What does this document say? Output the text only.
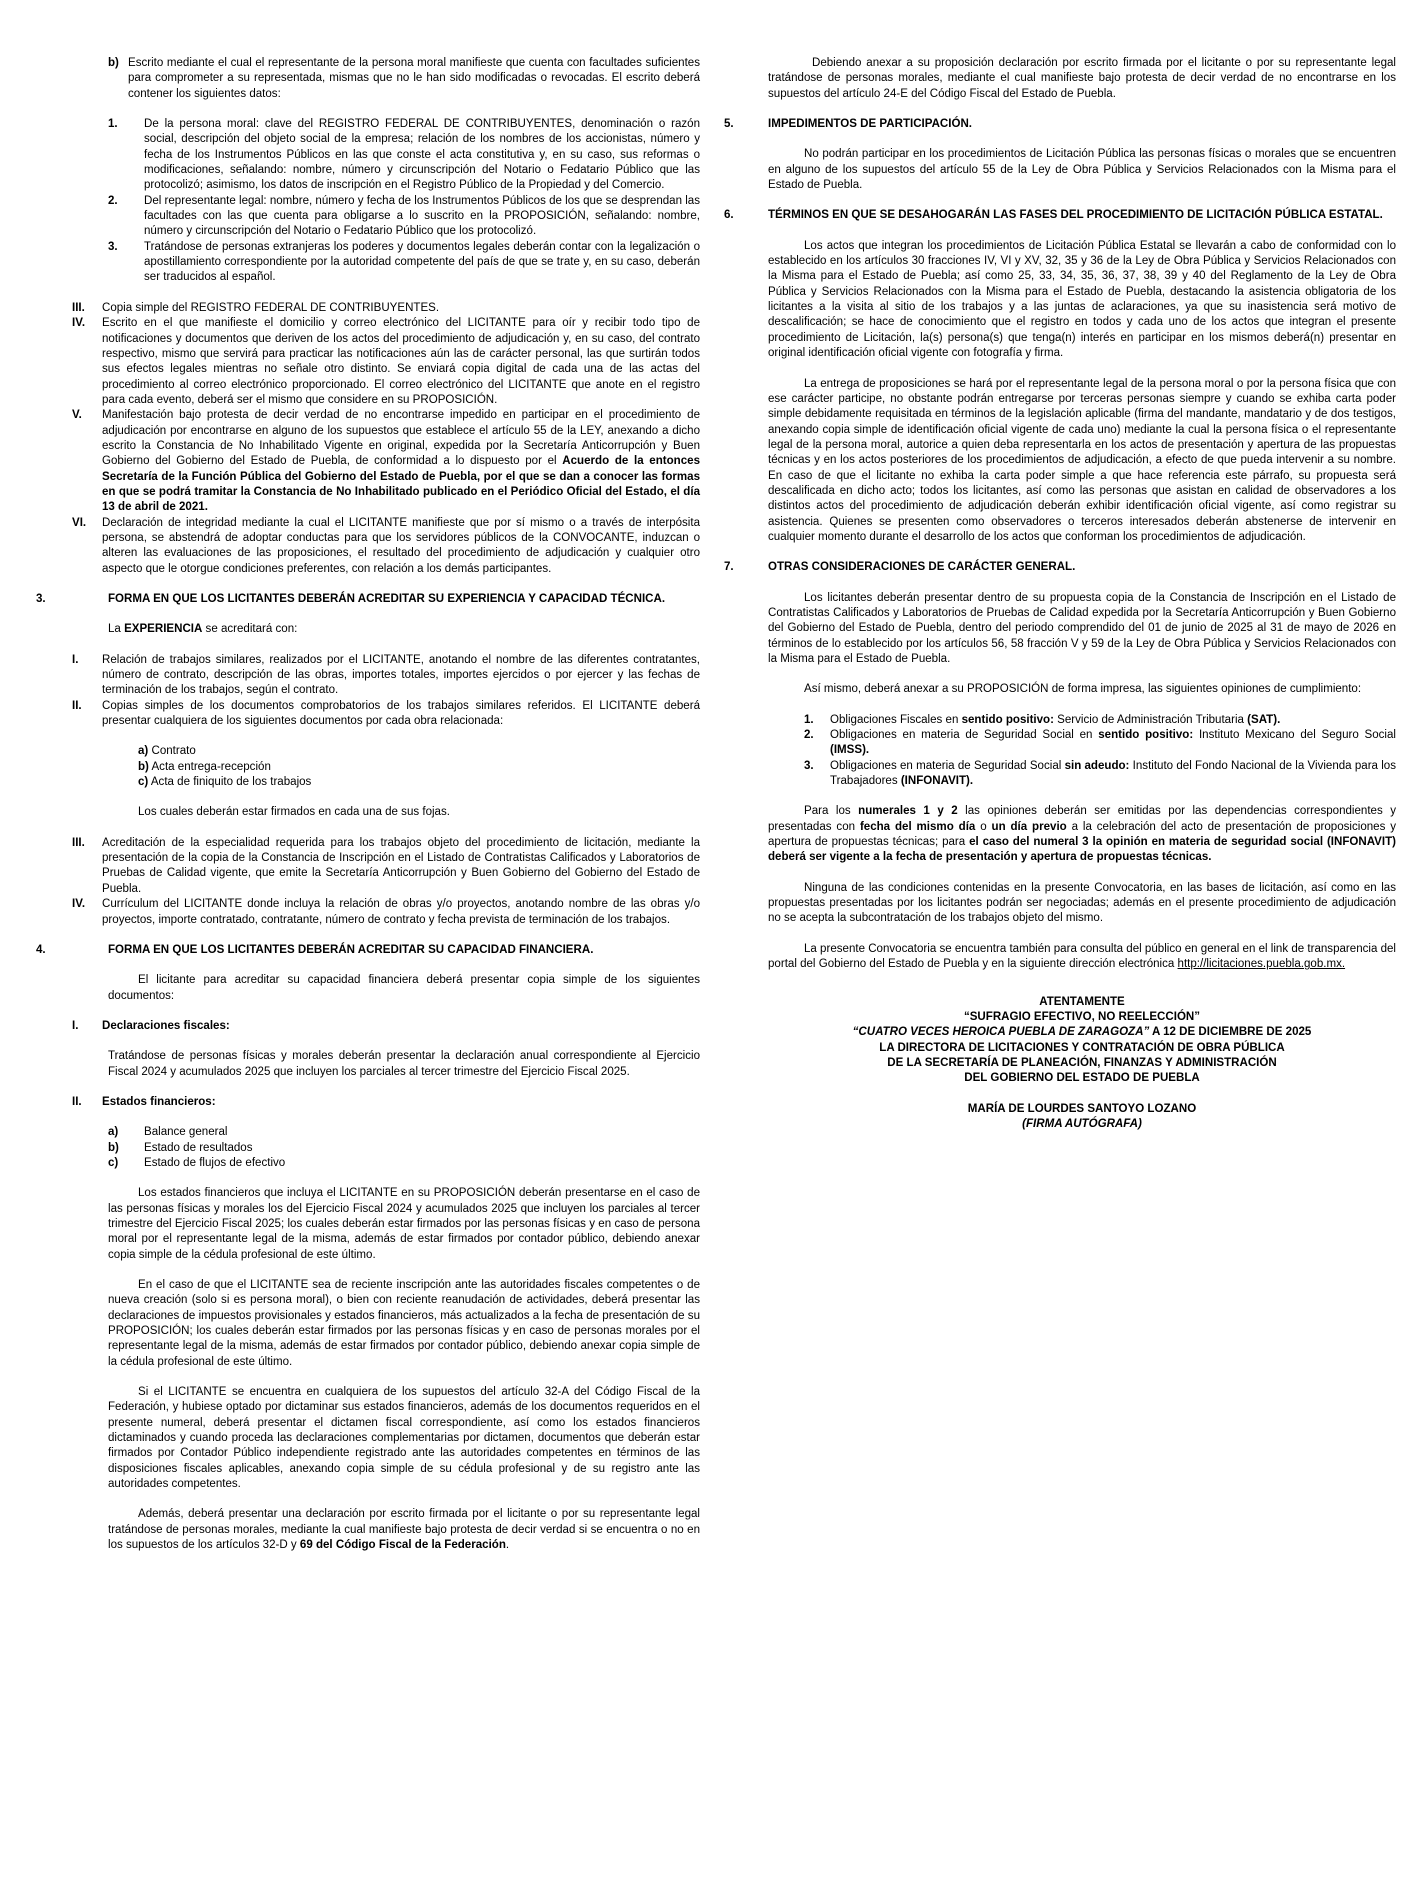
b) Escrito mediante el cual el representante de la persona moral manifieste que cuenta con facultades suficientes para comprometer a su representada, mismas que no le han sido modificadas o revocadas. El escrito deberá contener los siguientes datos:
1.	De la persona moral: clave del REGISTRO FEDERAL DE CONTRIBUYENTES, denominación o razón social, descripción del objeto social de la empresa; relación de los nombres de los accionistas, número y fecha de los Instrumentos Públicos en las que conste el acta constitutiva y, en su caso, sus reformas o modificaciones, señalando: nombre, número y circunscripción del Notario o Fedatario Público que las protocolizó; asimismo, los datos de inscripción en el Registro Público de la Propiedad y del Comercio.
2.	Del representante legal: nombre, número y fecha de los Instrumentos Públicos de los que se desprendan las facultades con las que cuenta para obligarse a lo suscrito en la PROPOSICIÓN, señalando: nombre, número y circunscripción del Notario o Fedatario Público que los protocolizó.
3.	Tratándose de personas extranjeras los poderes y documentos legales deberán contar con la legalización o apostillamiento correspondiente por la autoridad competente del país de que se trate y, en su caso, deberán ser traducidos al español.
III.	Copia simple del REGISTRO FEDERAL DE CONTRIBUYENTES.
IV.	Escrito en el que manifieste el domicilio y correo electrónico del LICITANTE para oír y recibir todo tipo de notificaciones y documentos que deriven de los actos del procedimiento de adjudicación y, en su caso, del contrato respectivo, mismo que servirá para practicar las notificaciones aún las de carácter personal, las que surtirán todos sus efectos legales mientras no señale otro distinto. Se enviará copia digital de cada una de las actas del procedimiento al correo electrónico proporcionado. El correo electrónico del LICITANTE que anote en el registro para cada evento, deberá ser el mismo que considere en su PROPOSICIÓN.
V.	Manifestación bajo protesta de decir verdad de no encontrarse impedido en participar en el procedimiento de adjudicación por encontrarse en alguno de los supuestos que establece el artículo 55 de la LEY, anexando a dicho escrito la Constancia de No Inhabilitado Vigente en original, expedida por la Secretaría Anticorrupción y Buen Gobierno del Gobierno del Estado de Puebla, de conformidad a lo dispuesto por el Acuerdo de la entonces Secretaría de la Función Pública del Gobierno del Estado de Puebla, por el que se dan a conocer las formas en que se podrá tramitar la Constancia de No Inhabilitado publicado en el Periódico Oficial del Estado, el día 13 de abril de 2021.
VI.	Declaración de integridad mediante la cual el LICITANTE manifieste que por sí mismo o a través de interpósita persona, se abstendrá de adoptar conductas para que los servidores públicos de la CONVOCANTE, induzcan o alteren las evaluaciones de las proposiciones, el resultado del procedimiento de adjudicación y cualquier otro aspecto que le otorgue condiciones preferentes, con relación a los demás participantes.
3.	FORMA EN QUE LOS LICITANTES DEBERÁN ACREDITAR SU EXPERIENCIA Y CAPACIDAD TÉCNICA.

La EXPERIENCIA se acreditará con:

I.	Relación de trabajos similares, realizados por el LICITANTE, anotando el nombre de las diferentes contratantes, número de contrato, descripción de las obras, importes totales, importes ejercidos o por ejercer y las fechas de terminación de los trabajos, según el contrato.
II.	Copias simples de los documentos comprobatorios de los trabajos similares referidos. El LICITANTE deberá presentar cualquiera de los siguientes documentos por cada obra relacionada:

a) Contrato

b) Acta entrega-recepción

c) Acta de finiquito de los trabajos

Los cuales deberán estar firmados en cada una de sus fojas.

III.	Acreditación de la especialidad requerida para los trabajos objeto del procedimiento de licitación, mediante la presentación de la copia de la Constancia de Inscripción en el Listado de Contratistas Calificados y Laboratorios de Pruebas de Calidad vigente, que emite la Secretaría Anticorrupción y Buen Gobierno del Gobierno del Estado de Puebla.
IV.	Currículum del LICITANTE donde incluya la relación de obras y/o proyectos, anotando nombre de las obras y/o proyectos, importe contratado, contratante, número de contrato y fecha prevista de terminación de los trabajos.
4.	FORMA EN QUE LOS LICITANTES DEBERÁN ACREDITAR SU CAPACIDAD FINANCIERA.

El licitante para acreditar su capacidad financiera deberá presentar copia simple de los siguientes documentos:

I.	Declaraciones fiscales:

Tratándose de personas físicas y morales deberán presentar la declaración anual correspondiente al Ejercicio Fiscal 2024 y acumulados 2025 que incluyen los parciales al tercer trimestre del Ejercicio Fiscal 2025.

II.	Estados financieros:
a)	Balance general
b)	Estado de resultados
c)	Estado de flujos de efectivo

Los estados financieros que incluya el LICITANTE en su PROPOSICIÓN deberán presentarse en el caso de las personas físicas y morales los del Ejercicio Fiscal 2024 y acumulados 2025 que incluyen los parciales al tercer trimestre del Ejercicio Fiscal 2025; los cuales deberán estar firmados por las personas físicas y en caso de persona moral por el representante legal de la misma, además de estar firmados por contador público, debiendo anexar copia simple de la cédula profesional de este último.

En el caso de que el LICITANTE sea de reciente inscripción ante las autoridades fiscales competentes o de nueva creación (solo si es persona moral), o bien con reciente reanudación de actividades, deberá presentar las declaraciones de impuestos provisionales y estados financieros, más actualizados a la fecha de presentación de su PROPOSICIÓN; los cuales deberán estar firmados por las personas físicas y en caso de personas morales por el representante legal de la misma, además de estar firmados por contador público, debiendo anexar copia simple de la cédula profesional de este último.

Si el LICITANTE se encuentra en cualquiera de los supuestos del artículo 32-A del Código Fiscal de la Federación, y hubiese optado por dictaminar sus estados financieros, además de los documentos requeridos en el presente numeral, deberá presentar el dictamen fiscal correspondiente, así como los estados financieros dictaminados y cuando proceda las declaraciones complementarias por dictamen, documentos que deberán estar firmados por Contador Público independiente registrado ante las autoridades competentes en términos de las disposiciones fiscales aplicables, anexando copia simple de su cédula profesional y de su registro ante las autoridades competentes.

Además, deberá presentar una declaración por escrito firmada por el licitante o por su representante legal tratándose de personas morales, mediante la cual manifieste bajo protesta de decir verdad si se encuentra o no en los supuestos de los artículos 32-D y 69 del Código Fiscal de la Federación.

Debiendo anexar a su proposición declaración por escrito firmada por el licitante o por su representante legal tratándose de personas morales, mediante el cual manifieste bajo protesta de decir verdad de no encontrarse en los supuestos del artículo 24-E del Código Fiscal del Estado de Puebla.

5.	IMPEDIMENTOS DE PARTICIPACIÓN.

No podrán participar en los procedimientos de Licitación Pública las personas físicas o morales que se encuentren en alguno de los supuestos del artículo 55 de la Ley de Obra Pública y Servicios Relacionados con la Misma para el Estado de Puebla.

6.	TÉRMINOS EN QUE SE DESAHOGARÁN LAS FASES DEL PROCEDIMIENTO DE LICITACIÓN PÚBLICA ESTATAL.

Los actos que integran los procedimientos de Licitación Pública Estatal se llevarán a cabo de conformidad con lo establecido en los artículos 30 fracciones IV, VI y XV, 32, 35 y 36 de la Ley de Obra Pública y Servicios Relacionados con la Misma para el Estado de Puebla; así como 25, 33, 34, 35, 36, 37, 38, 39 y 40 del Reglamento de la Ley de Obra Pública y Servicios Relacionados con la Misma para el Estado de Puebla, destacando la asistencia obligatoria de los licitantes a la visita al sitio de los trabajos y a las juntas de aclaraciones, ya que su inasistencia será motivo de descalificación; se hace de conocimiento que el registro en todos y cada uno de los actos que integran el presente procedimiento de Licitación, la(s) persona(s) que tenga(n) interés en participar en los mismos deberá(n) presentar en original identificación oficial vigente con fotografía y firma.

La entrega de proposiciones se hará por el representante legal de la persona moral o por la persona física que con ese carácter participe, no obstante podrán entregarse por terceras personas siempre y cuando se exhiba carta poder simple debidamente requisitada en términos de la legislación aplicable (firma del mandante, mandatario y de dos testigos, anexando copia simple de identificación oficial vigente de cada uno) mediante la cual la persona física o el representante legal de la persona moral, autorice a quien deba representarla en los actos de presentación y apertura de las propuestas técnicas y en los actos posteriores de los procedimientos de adjudicación, a efecto de que pueda intervenir a su nombre. En caso de que el licitante no exhiba la carta poder simple a que hace referencia este párrafo, su propuesta será descalificada en dicho acto; todos los licitantes, así como las personas que asistan en calidad de observadores a los distintos actos del procedimiento de adjudicación deberán exhibir identificación oficial vigente, así como registrar su asistencia. Quienes se presenten como observadores o terceros interesados deberán abstenerse de intervenir en cualquier momento durante el desarrollo de los actos que conforman los procedimientos de adjudicación.

7.	OTRAS CONSIDERACIONES DE CARÁCTER GENERAL.

Los licitantes deberán presentar dentro de su propuesta copia de la Constancia de Inscripción en el Listado de Contratistas Calificados y Laboratorios de Pruebas de Calidad expedida por la Secretaría Anticorrupción y Buen Gobierno del Gobierno del Estado de Puebla, dentro del periodo comprendido del 01 de junio de 2025 al 31 de mayo de 2026 en términos de lo establecido por los artículos 56, 58 fracción V y 59 de la Ley de Obra Pública y Servicios Relacionados con la Misma para el Estado de Puebla.

Así mismo, deberá anexar a su PROPOSICIÓN de forma impresa, las siguientes opiniones de cumplimiento:

1.	Obligaciones Fiscales en sentido positivo: Servicio de Administración Tributaria (SAT).
2.	Obligaciones en materia de Seguridad Social en sentido positivo: Instituto Mexicano del Seguro Social (IMSS).
3.	Obligaciones en materia de Seguridad Social sin adeudo: Instituto del Fondo Nacional de la Vivienda para los Trabajadores (INFONAVIT).

Para los numerales 1 y 2 las opiniones deberán ser emitidas por las dependencias correspondientes y presentadas con fecha del mismo día o un día previo a la celebración del acto de presentación de proposiciones y apertura de propuestas técnicas; para el caso del numeral 3 la opinión en materia de seguridad social (INFONAVIT) deberá ser vigente a la fecha de presentación y apertura de propuestas técnicas.

Ninguna de las condiciones contenidas en la presente Convocatoria, en las bases de licitación, así como en las propuestas presentadas por los licitantes podrán ser negociadas; además en el presente procedimiento de adjudicación no se acepta la subcontratación de los trabajos objeto del mismo.

La presente Convocatoria se encuentra también para consulta del público en general en el link de transparencia del portal del Gobierno del Estado de Puebla y en la siguiente dirección electrónica http://licitaciones.puebla.gob.mx.

ATENTAMENTE

“SUFRAGIO EFECTIVO, NO REELECCIÓN”

“CUATRO VECES HEROICA PUEBLA DE ZARAGOZA” A 12 DE DICIEMBRE DE 2025

LA DIRECTORA DE LICITACIONES Y CONTRATACIÓN DE OBRA PÚBLICA

DE LA SECRETARÍA DE PLANEACIÓN, FINANZAS Y ADMINISTRACIÓN

DEL GOBIERNO DEL ESTADO DE PUEBLA

MARÍA DE LOURDES SANTOYO LOZANO

(FIRMA AUTÓGRAFA)
